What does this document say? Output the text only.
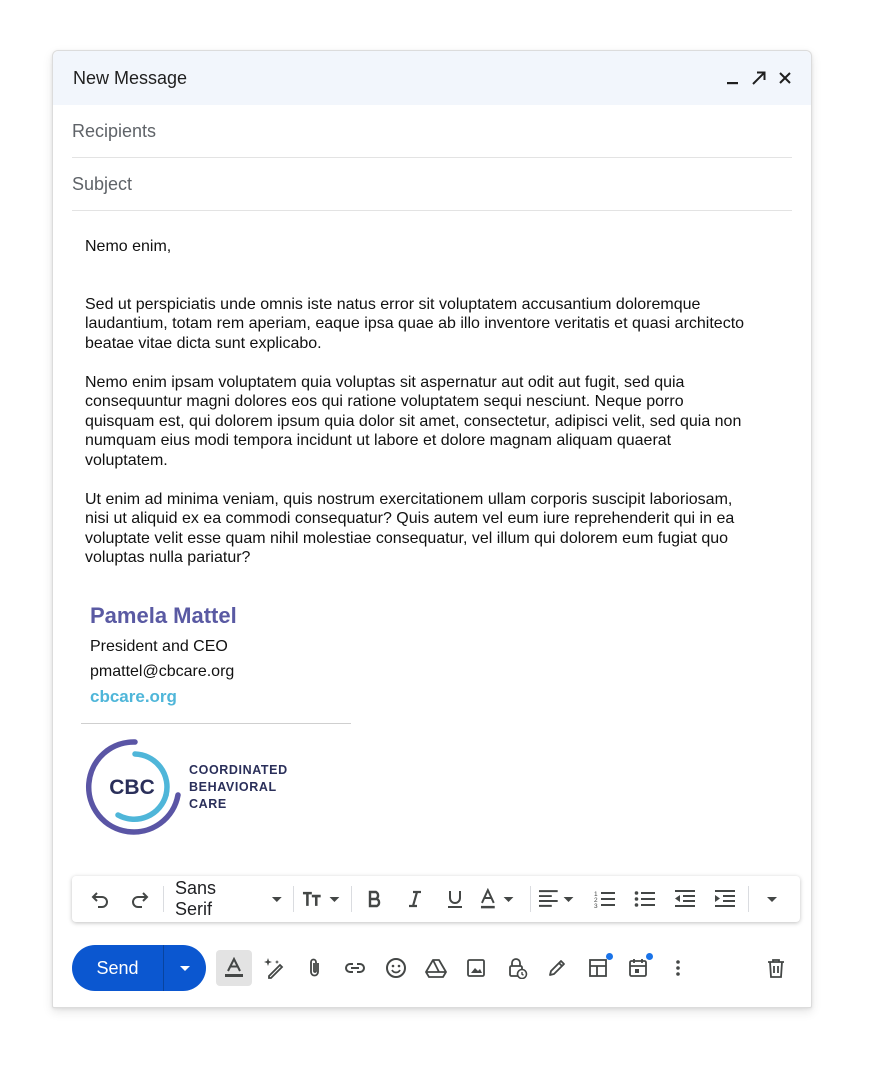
New Message
Recipients
Subject

Nemo enim,

Sed ut perspiciatis unde omnis iste natus error sit voluptatem accusantium doloremque laudantium, totam rem aperiam, eaque ipsa quae ab illo inventore veritatis et quasi architecto beatae vitae dicta sunt explicabo.

Nemo enim ipsam voluptatem quia voluptas sit aspernatur aut odit aut fugit, sed quia consequuntur magni dolores eos qui ratione voluptatem sequi nesciunt. Neque porro quisquam est, qui dolorem ipsum quia dolor sit amet, consectetur, adipisci velit, sed quia non numquam eius modi tempora incidunt ut labore et dolore magnam aliquam quaerat voluptatem.

Ut enim ad minima veniam, quis nostrum exercitationem ullam corporis suscipit laboriosam, nisi ut aliquid ex ea commodi consequatur? Quis autem vel eum iure reprehenderit qui in ea voluptate velit esse quam nihil molestiae consequatur, vel illum qui dolorem eum fugiat quo voluptas nulla pariatur?

Pamela Mattel
President and CEO
pmattel@cbcare.org
cbcare.org
CBC
COORDINATED
BEHAVIORAL
CARE
Sans Serif
1
2
3
Send
